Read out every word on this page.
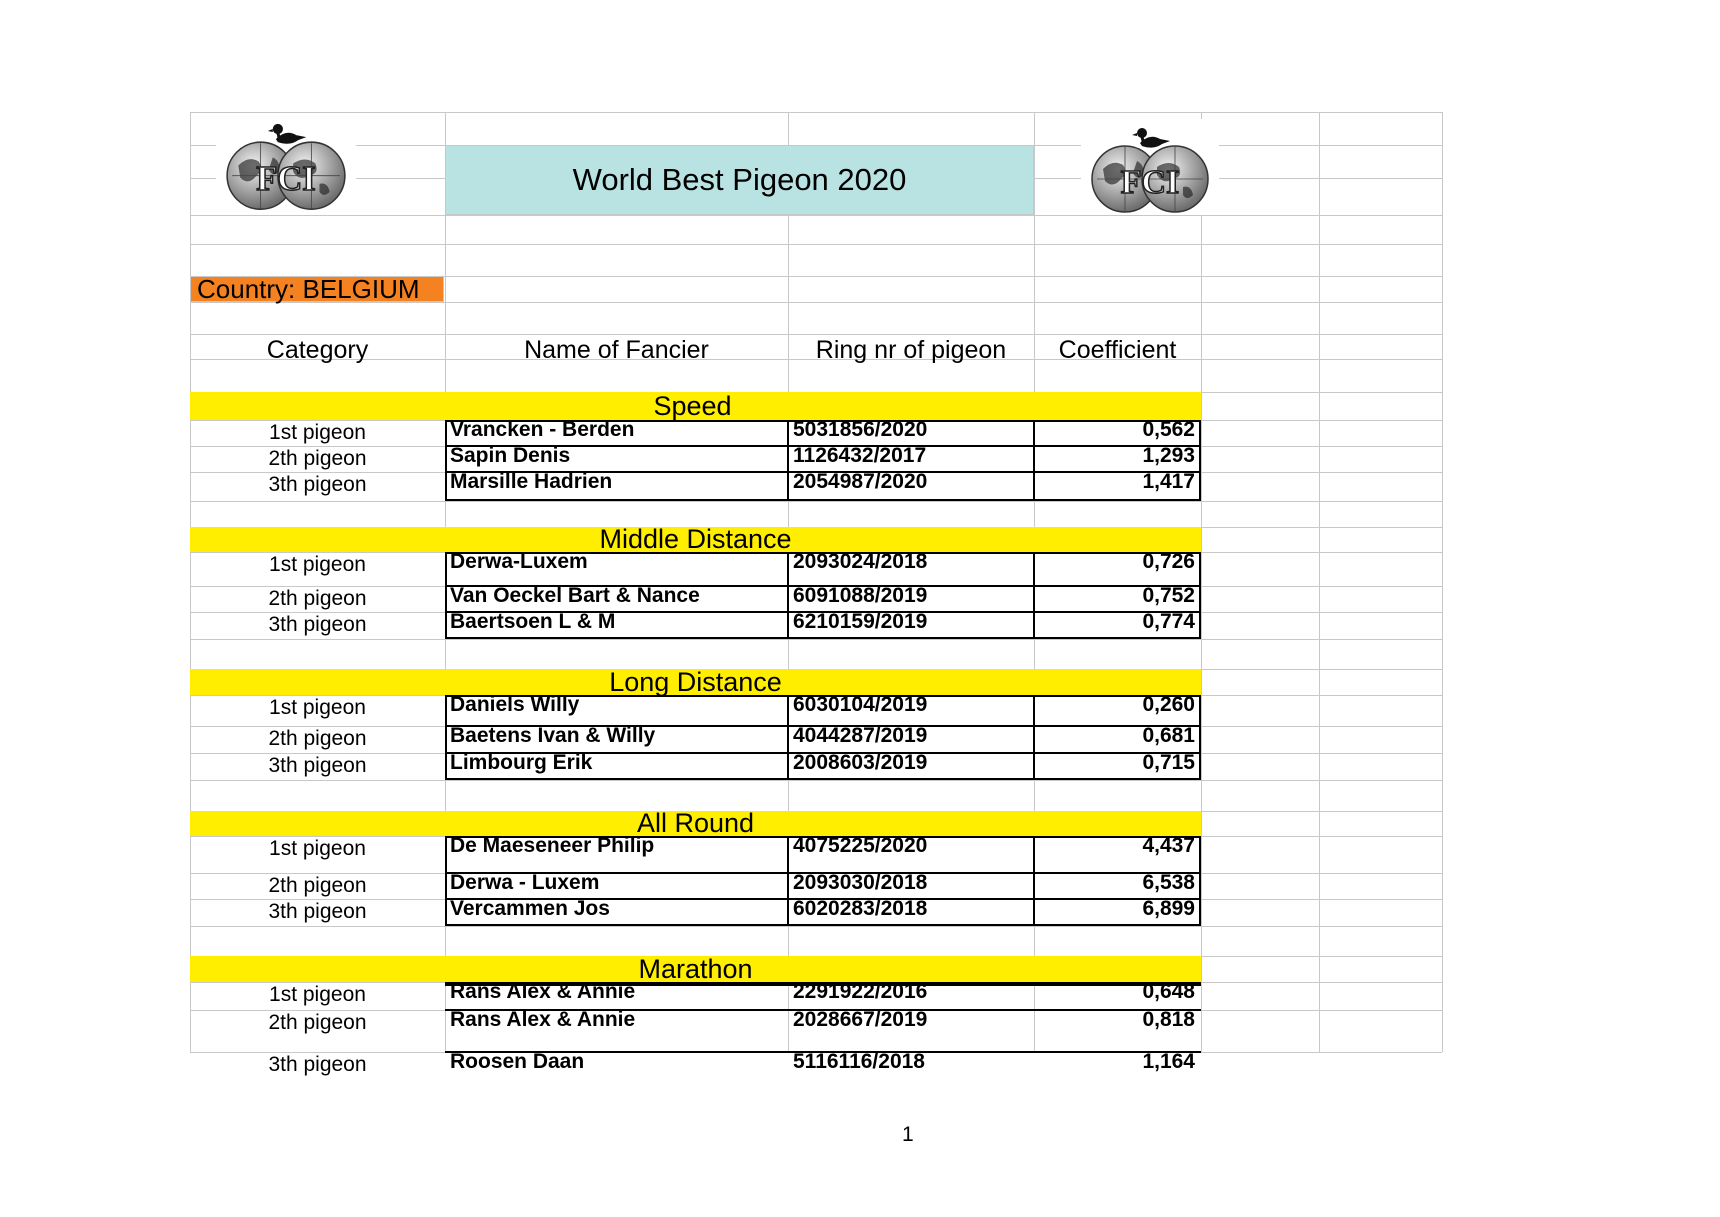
1
FCI	FCI
World Best Pigeon 2020
Country: BELGIUM
Category	Name of Fancier	Ring nr of pigeon	Coefficient
Speed
1st pigeon	Vrancken - Berden	5031856/2020	0,562
2th pigeon	Sapin Denis	1126432/2017	1,293
3th pigeon	Marsille Hadrien	2054987/2020	1,417
Middle Distance
1st pigeon	Derwa-Luxem	2093024/2018	0,726
2th pigeon	Van Oeckel Bart & Nance	6091088/2019	0,752
3th pigeon	Baertsoen L & M	6210159/2019	0,774
Long Distance
1st pigeon	Daniels Willy	6030104/2019	0,260
2th pigeon	Baetens Ivan & Willy	4044287/2019	0,681
3th pigeon	Limbourg Erik	2008603/2019	0,715
All Round
1st pigeon	De Maeseneer Philip	4075225/2020	4,437
2th pigeon	Derwa - Luxem	2093030/2018	6,538
3th pigeon	Vercammen Jos	6020283/2018	6,899
Marathon
1st pigeon	Rans Alex & Annie	2291922/2016	0,648
2th pigeon	Rans Alex & Annie	2028667/2019	0,818
3th pigeon	Roosen Daan	5116116/2018	1,164
